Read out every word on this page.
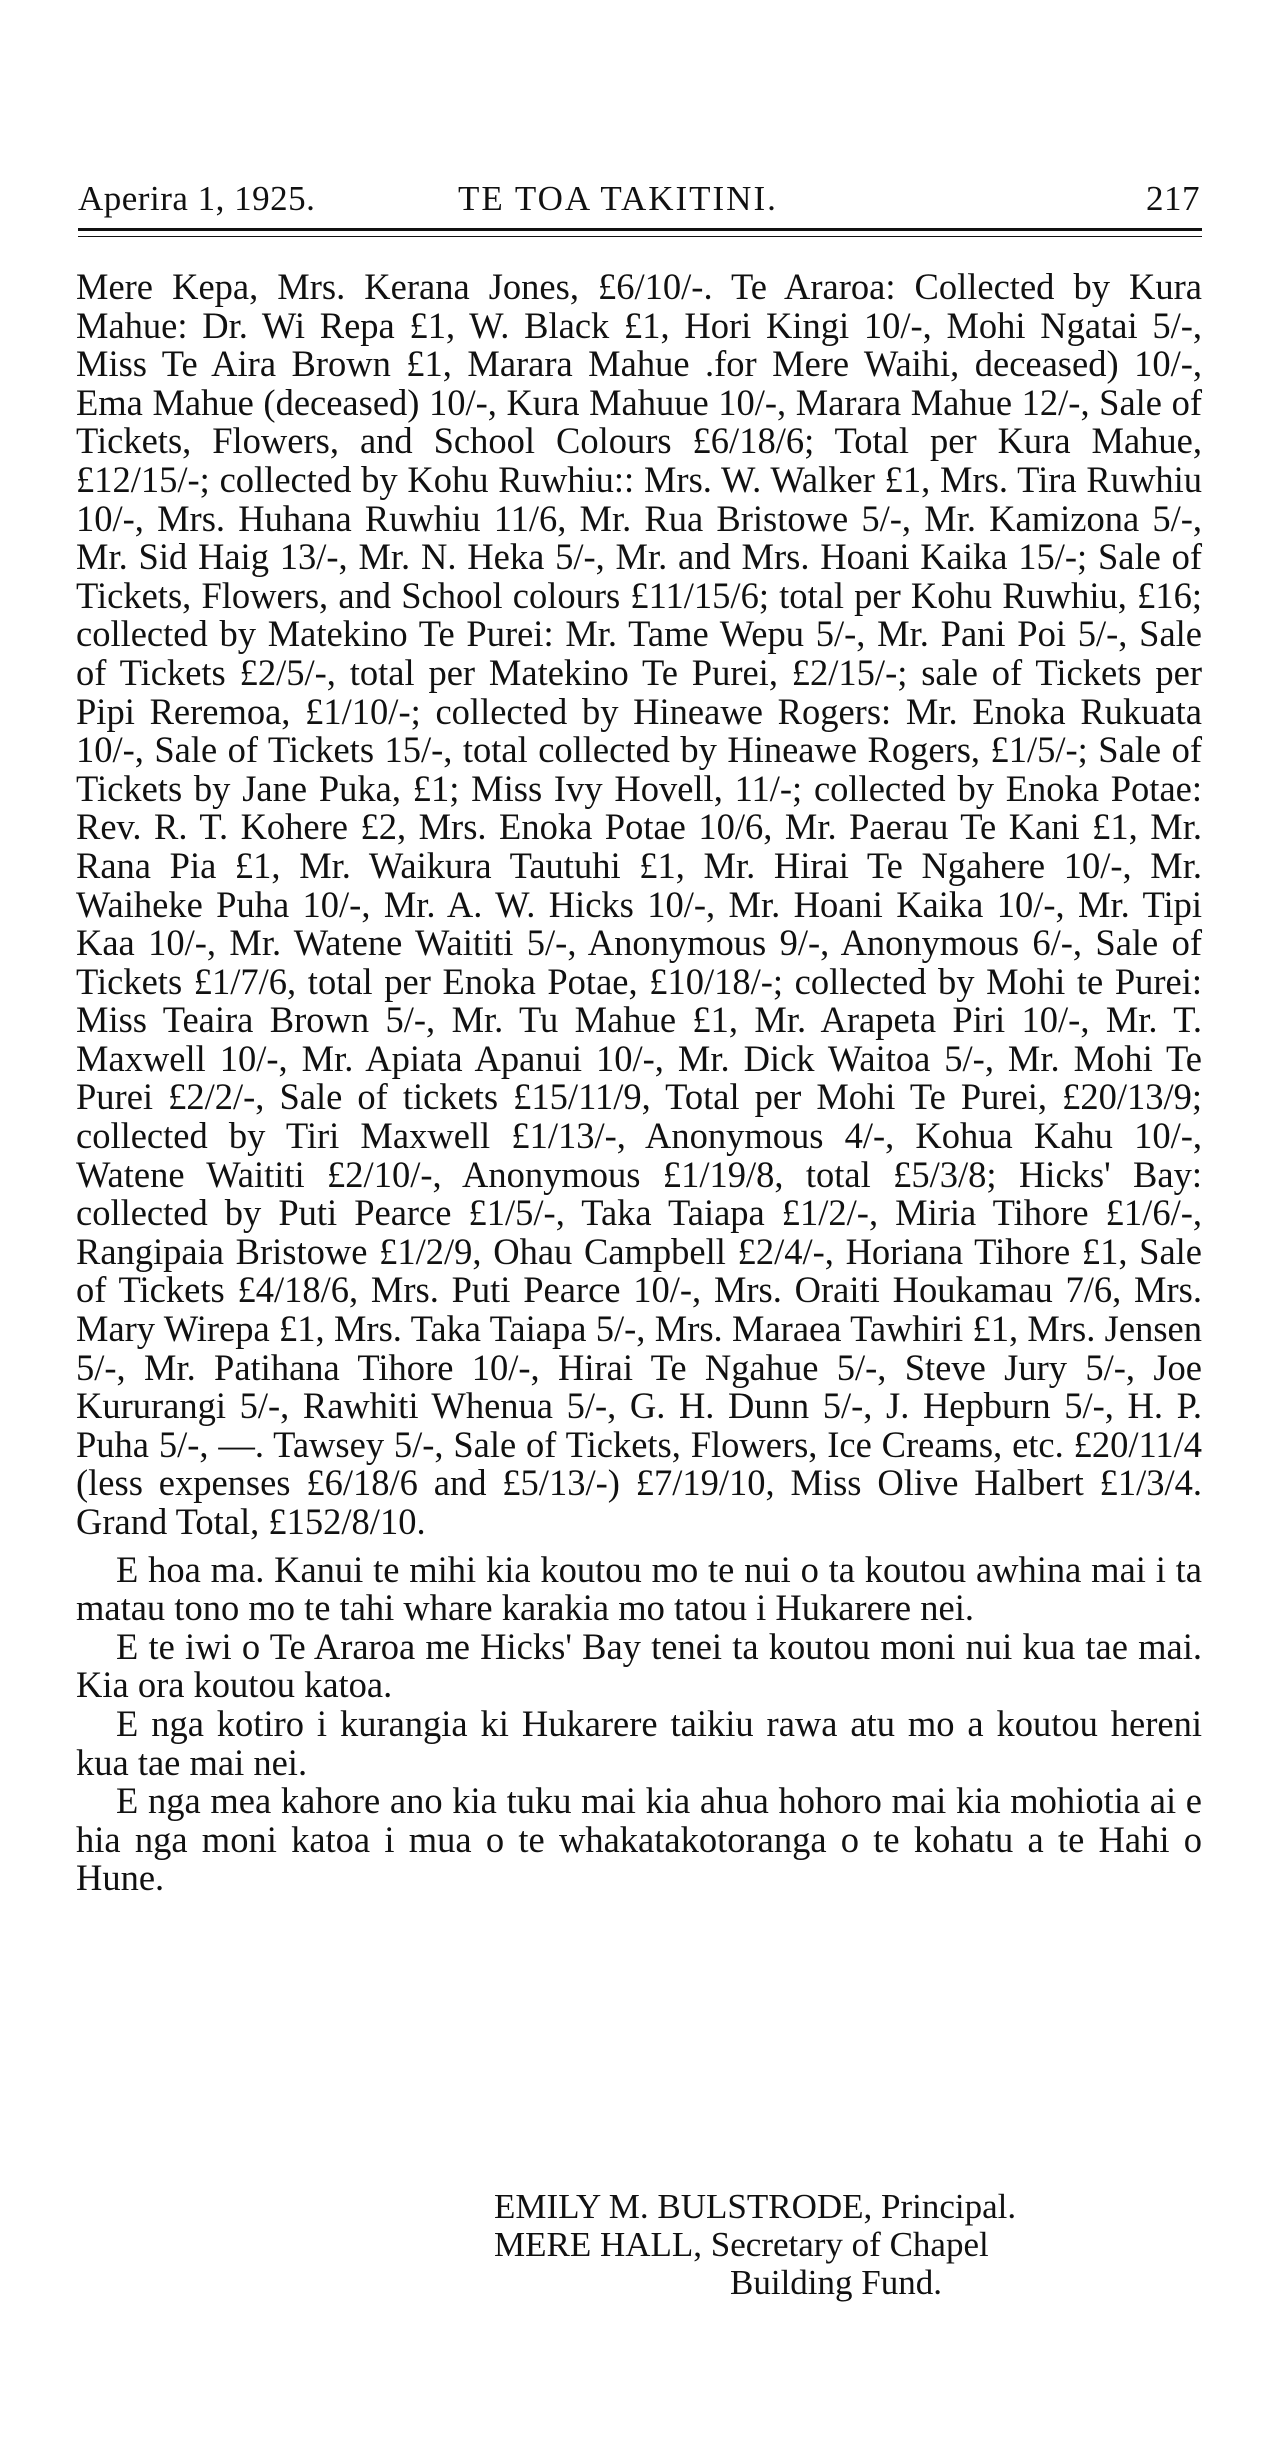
Aperira 1, 1925.	TE TOA TAKITINI.	217

Mere Kepa, Mrs. Kerana Jones, £6/10/-. Te Araroa: Collected by Kura Mahue: Dr. Wi Repa £1, W. Black £1, Hori Kingi 10/-, Mohi Ngatai 5/-, Miss Te Aira Brown £1, Marara Mahue .for Mere Waihi, deceased) 10/-, Ema Mahue (deceased) 10/-, Kura Mahuue 10/-, Marara Mahue 12/-, Sale of Tickets, Flowers, and School Colours £6/18/6; Total per Kura Mahue, £12/15/-; collected by Kohu Ruwhiu:: Mrs. W. Walker £1, Mrs. Tira Ruwhiu 10/-, Mrs. Huhana Ruwhiu 11/6, Mr. Rua Bristowe 5/-, Mr. Kamizona 5/-, Mr. Sid Haig 13/-, Mr. N. Heka 5/-, Mr. and Mrs. Hoani Kaika 15/-; Sale of Tickets, Flowers, and School colours £11/15/6; total per Kohu Ruwhiu, £16; collected by Matekino Te Purei: Mr. Tame Wepu 5/-, Mr. Pani Poi 5/-, Sale of Tickets £2/5/-, total per Matekino Te Purei, £2/15/-; sale of Tickets per Pipi Reremoa, £1/10/-; collected by Hineawe Rogers: Mr. Enoka Rukuata 10/-, Sale of Tickets 15/-, total collected by Hineawe Rogers, £1/5/-; Sale of Tickets by Jane Puka, £1; Miss Ivy Hovell, 11/-; collected by Enoka Potae: Rev. R. T. Kohere £2, Mrs. Enoka Potae 10/6, Mr. Paerau Te Kani £1, Mr. Rana Pia £1, Mr. Waikura Tautuhi £1, Mr. Hirai Te Ngahere 10/-, Mr. Waiheke Puha 10/-, Mr. A. W. Hicks 10/-, Mr. Hoani Kaika 10/-, Mr. Tipi Kaa 10/-, Mr. Watene Waititi 5/-, Anonymous 9/-, Anonymous 6/-, Sale of Tickets £1/7/6, total per Enoka Potae, £10/18/-; collected by Mohi te Purei: Miss Teaira Brown 5/-, Mr. Tu Mahue £1, Mr. Arapeta Piri 10/-, Mr. T. Maxwell 10/-, Mr. Apiata Apanui 10/-, Mr. Dick Waitoa 5/-, Mr. Mohi Te Purei £2/2/-, Sale of tickets £15/11/9, Total per Mohi Te Purei, £20/13/9; collected by Tiri Maxwell £1/13/-, Anonymous 4/-, Kohua Kahu 10/-, Watene Waititi £2/10/-, Anonymous £1/19/8, total £5/3/8; Hicks' Bay: collected by Puti Pearce £1/5/-, Taka Taiapa £1/2/-, Miria Tihore £1/6/-, Rangipaia Bristowe £1/2/9, Ohau Campbell £2/4/-, Horiana Tihore £1, Sale of Tickets £4/18/6, Mrs. Puti Pearce 10/-, Mrs. Oraiti Houkamau 7/6, Mrs. Mary Wirepa £1, Mrs. Taka Taiapa 5/-, Mrs. Maraea Tawhiri £1, Mrs. Jensen 5/-, Mr. Patihana Tihore 10/-, Hirai Te Ngahue 5/-, Steve Jury 5/-, Joe Kururangi 5/-, Rawhiti Whenua 5/-, G. H. Dunn 5/-, J. Hepburn 5/-, H. P. Puha 5/-, —. Tawsey 5/-, Sale of Tickets, Flowers, Ice Creams, etc. £20/11/4 (less expenses £6/18/6 and £5/13/-) £7/19/10, Miss Olive Halbert £1/3/4. Grand Total, £152/8/10.

E hoa ma. Kanui te mihi kia koutou mo te nui o ta koutou awhina mai i ta matau tono mo te tahi whare karakia mo tatou i Hukarere nei.

E te iwi o Te Araroa me Hicks' Bay tenei ta koutou moni nui kua tae mai. Kia ora koutou katoa.

E nga kotiro i kurangia ki Hukarere taikiu rawa atu mo a koutou hereni kua tae mai nei.

E nga mea kahore ano kia tuku mai kia ahua hohoro mai kia mohiotia ai e hia nga moni katoa i mua o te whakatakotoranga o te kohatu a te Hahi o Hune.

EMILY M. BULSTRODE, Principal.
MERE HALL, Secretary of Chapel
Building Fund.
